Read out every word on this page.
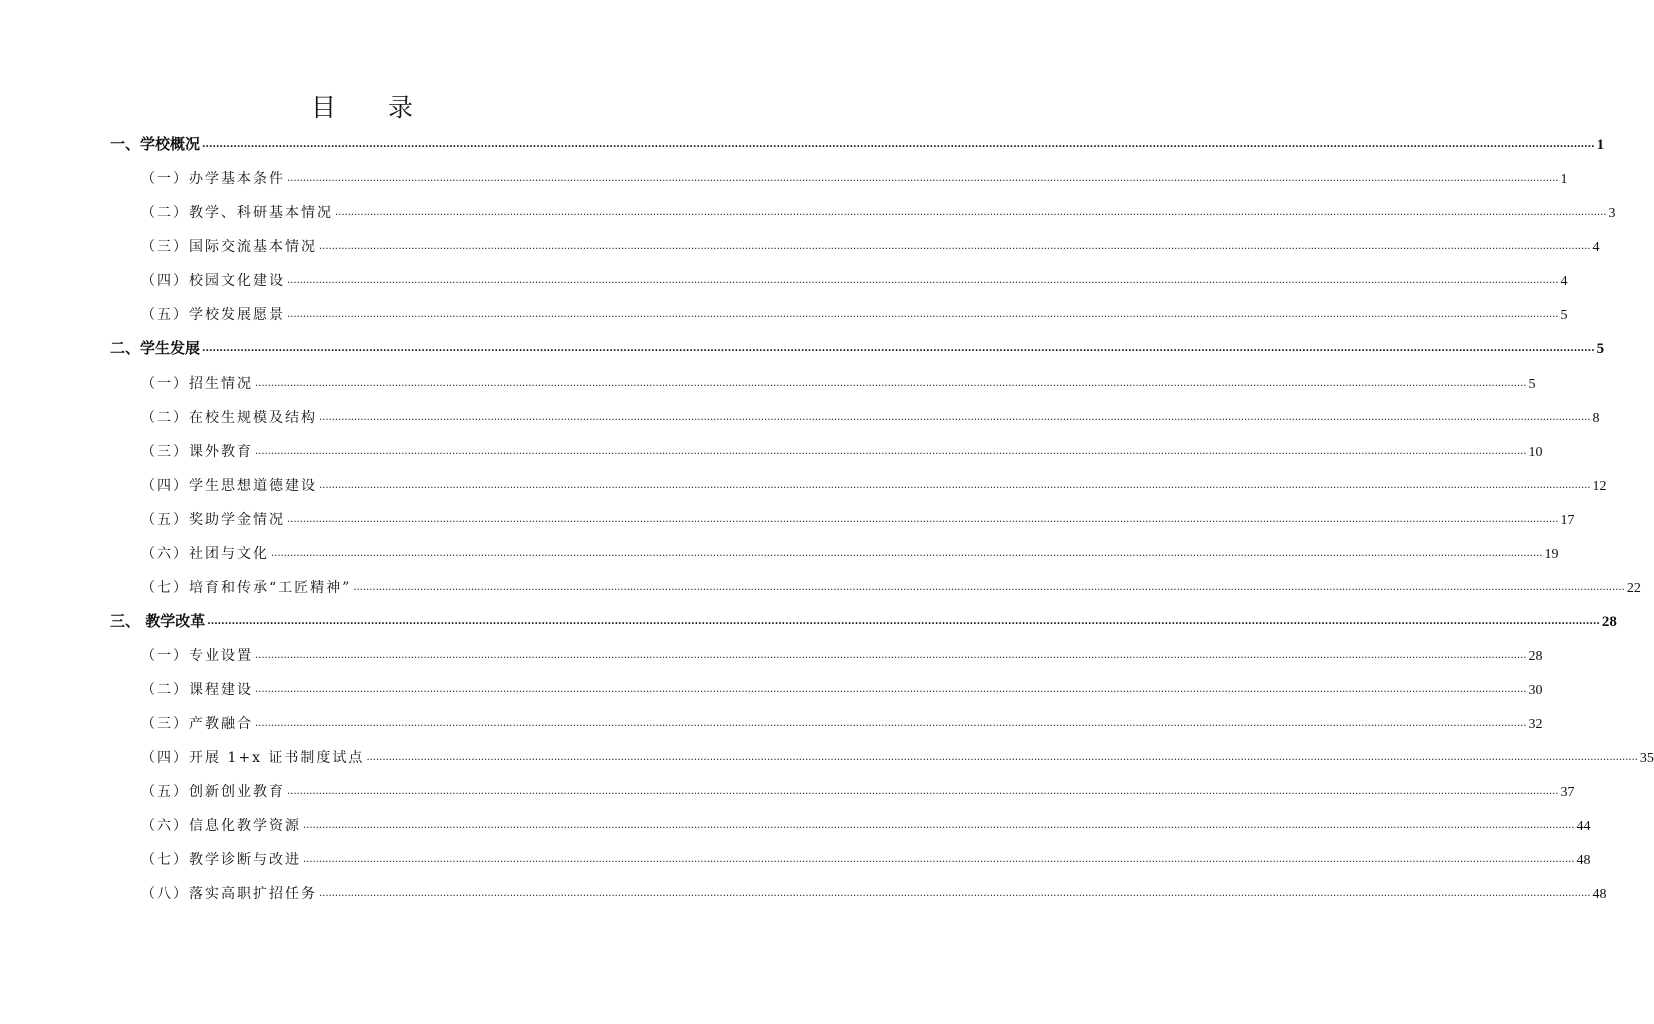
目 录
一、学校概况 ................................................................................................................................................................................................................................................................................................................................................................................................................ 1
（一）办学基本条件 ................................................................................................................................................................................................................................................................................................................................................................................................................ 1
（二）教学、科研基本情况 ................................................................................................................................................................................................................................................................................................................................................................................................................ 3
（三）国际交流基本情况 ................................................................................................................................................................................................................................................................................................................................................................................................................ 4
（四）校园文化建设 ................................................................................................................................................................................................................................................................................................................................................................................................................ 4
（五）学校发展愿景 ................................................................................................................................................................................................................................................................................................................................................................................................................ 5
二、学生发展 ................................................................................................................................................................................................................................................................................................................................................................................................................ 5
（一）招生情况 ................................................................................................................................................................................................................................................................................................................................................................................................................ 5
（二）在校生规模及结构 ................................................................................................................................................................................................................................................................................................................................................................................................................ 8
（三）课外教育 ................................................................................................................................................................................................................................................................................................................................................................................................................ 10
（四）学生思想道德建设 ................................................................................................................................................................................................................................................................................................................................................................................................................ 12
（五）奖助学金情况 ................................................................................................................................................................................................................................................................................................................................................................................................................ 17
（六）社团与文化 ................................................................................................................................................................................................................................................................................................................................................................................................................ 19
（七）培育和传承“工匠精神” ................................................................................................................................................................................................................................................................................................................................................................................................................ 22
三、 教学改革 ................................................................................................................................................................................................................................................................................................................................................................................................................ 28
（一）专业设置 ................................................................................................................................................................................................................................................................................................................................................................................................................ 28
（二）课程建设 ................................................................................................................................................................................................................................................................................................................................................................................................................ 30
（三）产教融合 ................................................................................................................................................................................................................................................................................................................................................................................................................ 32
（四）开展 1+x 证书制度试点 ................................................................................................................................................................................................................................................................................................................................................................................................................ 35
（五）创新创业教育 ................................................................................................................................................................................................................................................................................................................................................................................................................ 37
（六）信息化教学资源 ................................................................................................................................................................................................................................................................................................................................................................................................................ 44
（七）教学诊断与改进 ................................................................................................................................................................................................................................................................................................................................................................................................................ 48
（八）落实高职扩招任务 ................................................................................................................................................................................................................................................................................................................................................................................................................ 48
